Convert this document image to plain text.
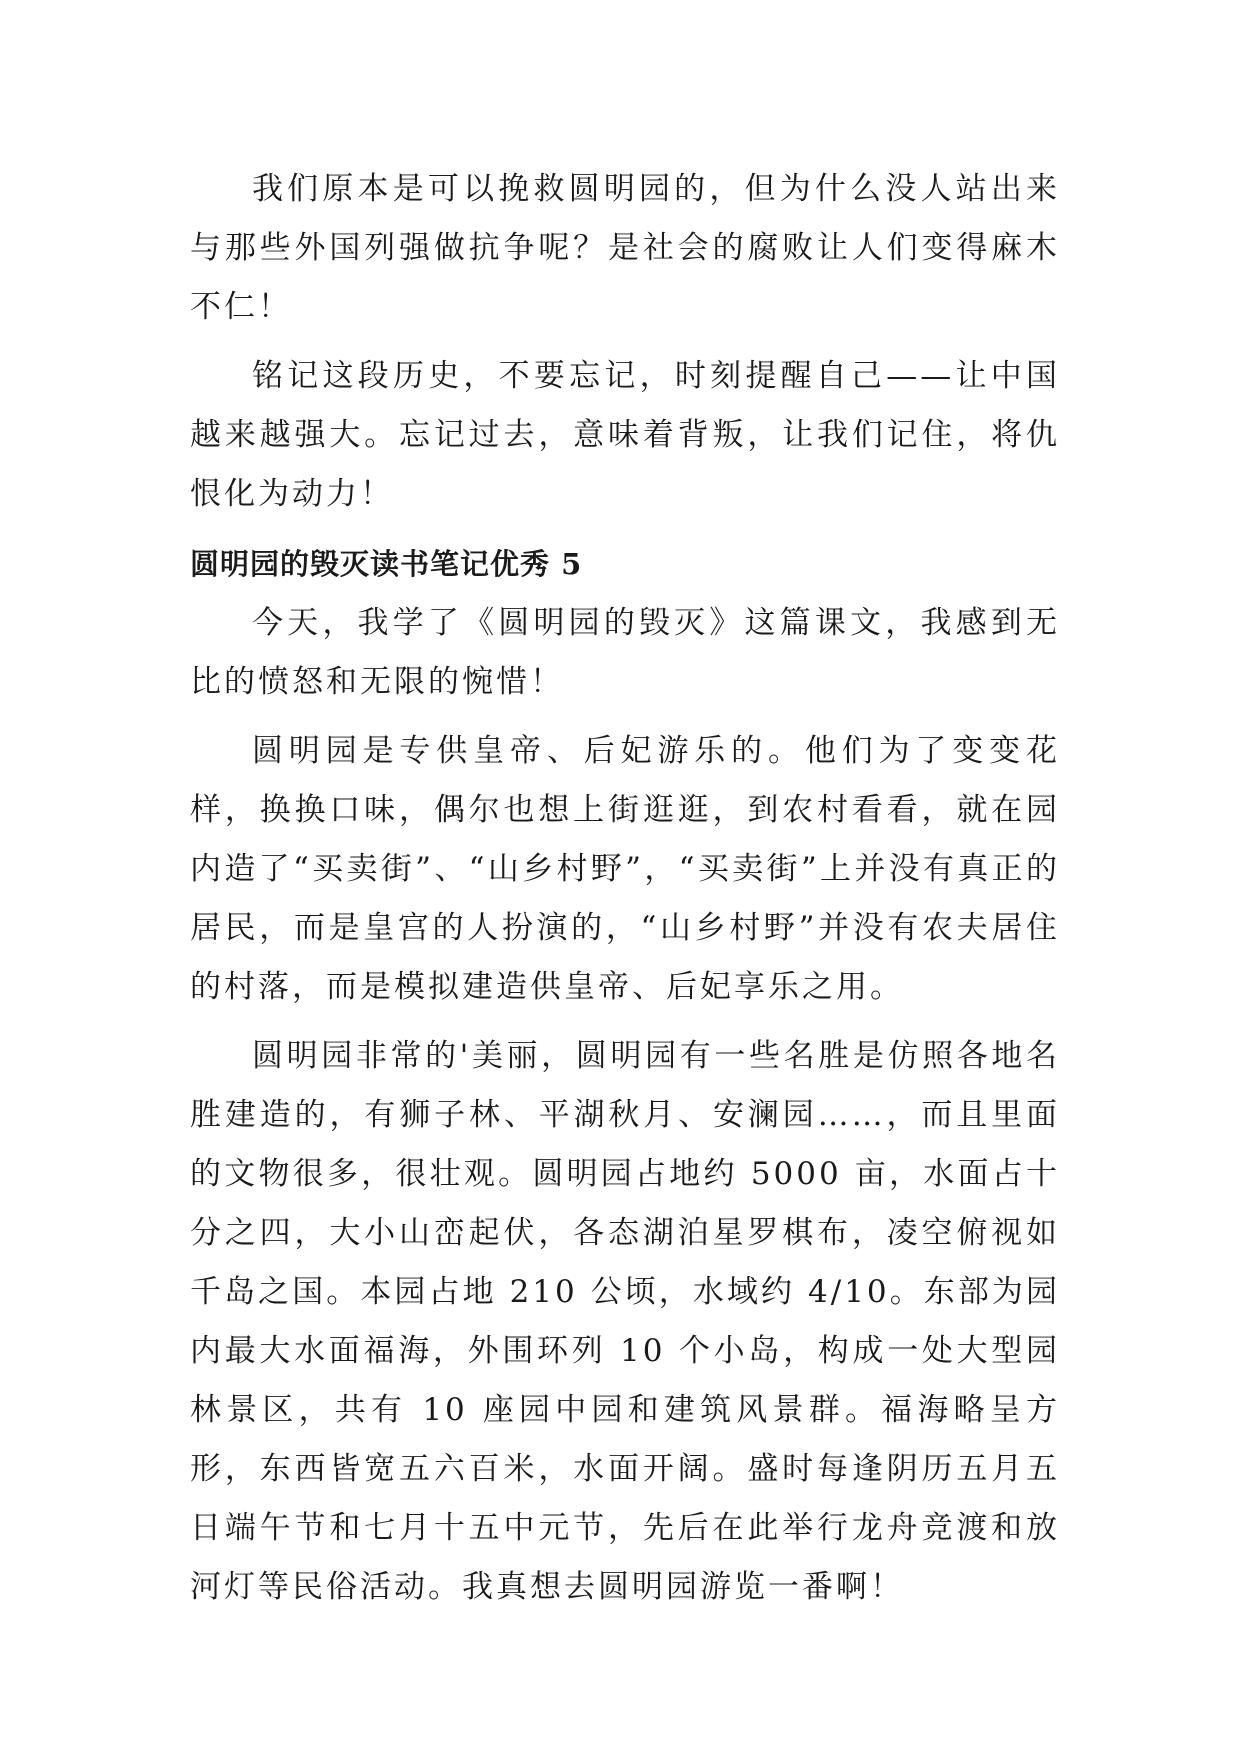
我们原本是可以挽救圆明园的，但为什么没人站出来与那些外国列强做抗争呢？是社会的腐败让人们变得麻木不仁！

铭记这段历史，不要忘记，时刻提醒自己——让中国越来越强大。忘记过去，意味着背叛，让我们记住，将仇恨化为动力！

圆明园的毁灭读书笔记优秀 5

今天，我学了《圆明园的毁灭》这篇课文，我感到无比的愤怒和无限的惋惜！

圆明园是专供皇帝、后妃游乐的。他们为了变变花样，换换口味，偶尔也想上街逛逛，到农村看看，就在园内造了“买卖街”、“山乡村野”，“买卖街”上并没有真正的居民，而是皇宫的人扮演的，“山乡村野”并没有农夫居住的村落，而是模拟建造供皇帝、后妃享乐之用。

圆明园非常的'美丽，圆明园有一些名胜是仿照各地名胜建造的，有狮子林、平湖秋月、安澜园……，而且里面的文物很多，很壮观。圆明园占地约 5000 亩，水面占十分之四，大小山峦起伏，各态湖泊星罗棋布，凌空俯视如千岛之国。本园占地 210 公顷，水域约 4/10。东部为园内最大水面福海，外围环列 10 个小岛，构成一处大型园林景区，共有 10 座园中园和建筑风景群。福海略呈方形，东西皆宽五六百米，水面开阔。盛时每逢阴历五月五日端午节和七月十五中元节，先后在此举行龙舟竞渡和放河灯等民俗活动。我真想去圆明园游览一番啊！
